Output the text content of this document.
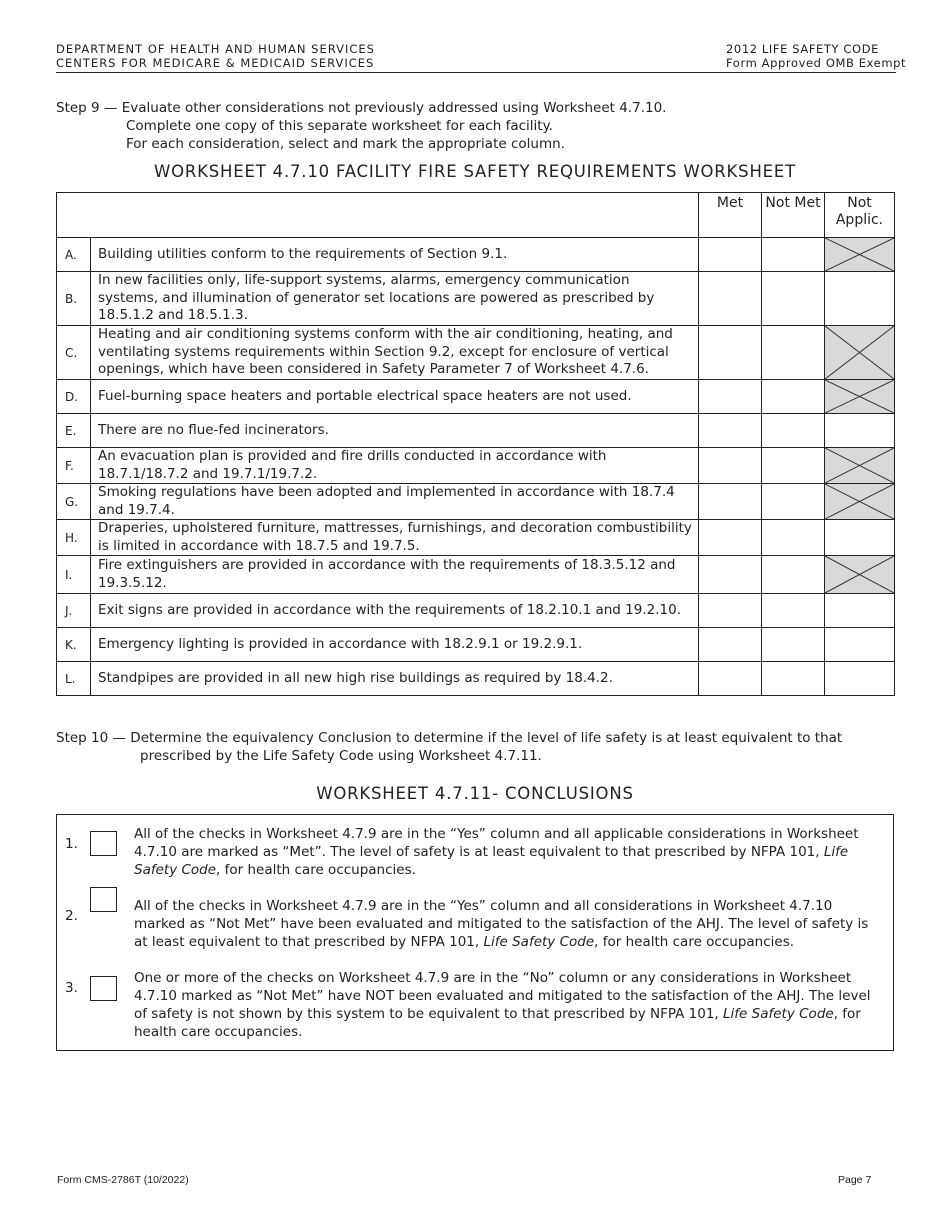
DEPARTMENT OF HEALTH AND HUMAN SERVICES
CENTERS FOR MEDICARE & MEDICAID SERVICES
2012 LIFE SAFETY CODE
Form Approved OMB Exempt
Step 9 — Evaluate other considerations not previously addressed using Worksheet 4.7.10.
Complete one copy of this separate worksheet for each facility.
For each consideration, select and mark the appropriate column.
WORKSHEET 4.7.10 FACILITY FIRE SAFETY REQUIREMENTS WORKSHEET
		Met	Not Met	Not Applic.
A.	Building utilities conform to the requirements of Section 9.1.			

B.	In new facilities only, life-support systems, alarms, emergency communication systems, and illumination of generator set locations are powered as prescribed by 18.5.1.2 and 18.5.1.3.			
C.	Heating and air conditioning systems conform with the air conditioning, heating, and ventilating systems requirements within Section 9.2, except for enclosure of vertical openings, which have been considered in Safety Parameter 7 of Worksheet 4.7.6.			

D.	Fuel-burning space heaters and portable electrical space heaters are not used.			

E.	There are no flue-fed incinerators.			
F.	An evacuation plan is provided and fire drills conducted in accordance with 18.7.1/18.7.2 and 19.7.1/19.7.2.			

G.	Smoking regulations have been adopted and implemented in accordance with 18.7.4 and 19.7.4.			

H.	Draperies, upholstered furniture, mattresses, furnishings, and decoration combustibility is limited in accordance with 18.7.5 and 19.7.5.			
I.	Fire extinguishers are provided in accordance with the requirements of 18.3.5.12 and 19.3.5.12.			

J.	Exit signs are provided in accordance with the requirements of 18.2.10.1 and 19.2.10.			
K.	Emergency lighting is provided in accordance with 18.2.9.1 or 19.2.9.1.			
L.	Standpipes are provided in all new high rise buildings as required by 18.4.2.			
Step 10 — Determine the equivalency Conclusion to determine if the level of life safety is at least equivalent to that
prescribed by the Life Safety Code using Worksheet 4.7.11.
WORKSHEET 4.7.11- CONCLUSIONS
1.
All of the checks in Worksheet 4.7.9 are in the “Yes” column and all applicable considerations in Worksheet 4.7.10 are marked as “Met”. The level of safety is at least equivalent to that prescribed by NFPA 101, Life Safety Code, for health care occupancies.
2.
All of the checks in Worksheet 4.7.9 are in the “Yes” column and all considerations in Worksheet 4.7.10 marked as “Not Met” have been evaluated and mitigated to the satisfaction of the AHJ. The level of safety is at least equivalent to that prescribed by NFPA 101, Life Safety Code, for health care occupancies.
3.
One or more of the checks on Worksheet 4.7.9 are in the “No” column or any considerations in Worksheet 4.7.10 marked as “Not Met” have NOT been evaluated and mitigated to the satisfaction of the AHJ. The level of safety is not shown by this system to be equivalent to that prescribed by NFPA 101, Life Safety Code, for health care occupancies.
Form CMS-2786T (10/2022)	Page 7
